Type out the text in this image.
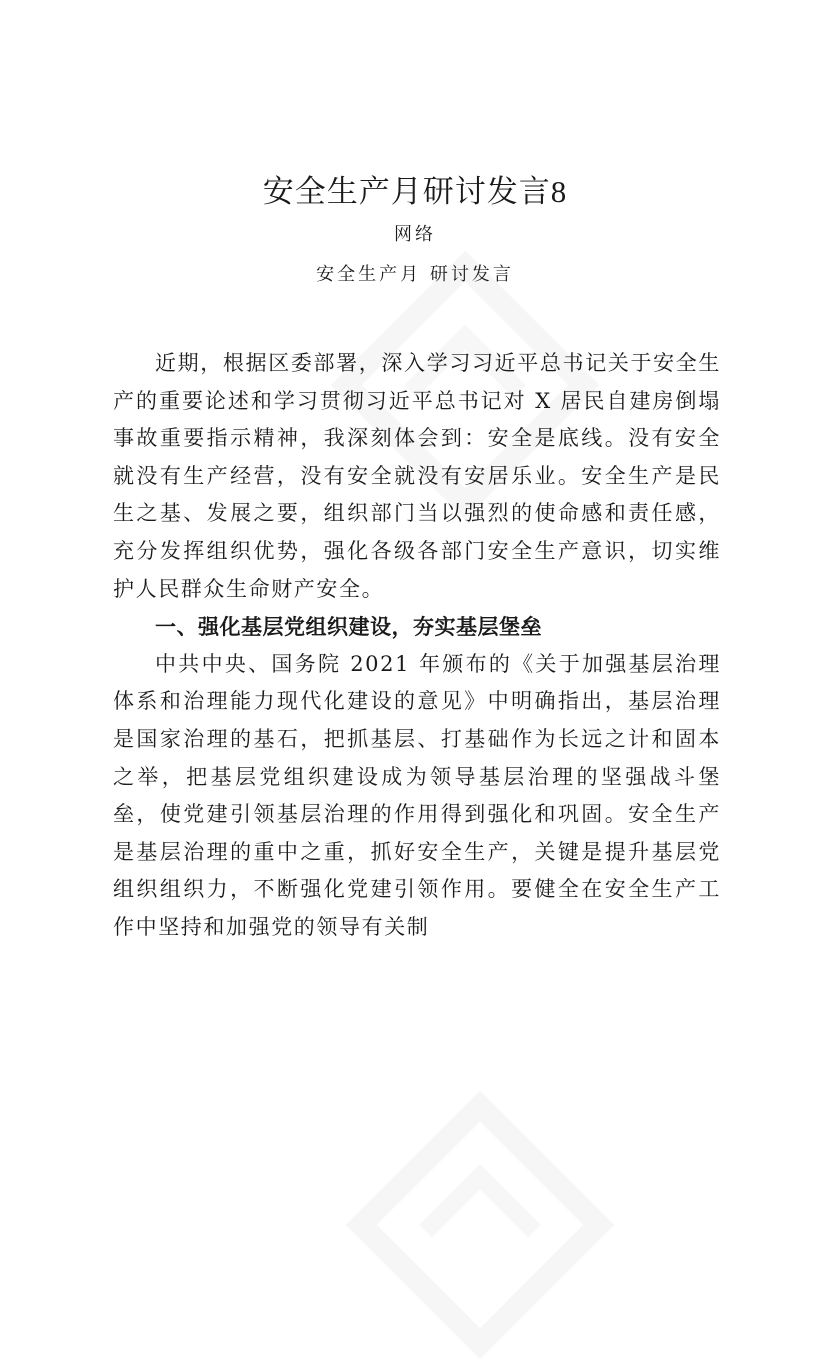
安全生产月研讨发言8
网络
安全生产月 研讨发言

近期，根据区委部署，深入学习习近平总书记关于安全生产的重要论述和学习贯彻习近平总书记对 X 居民自建房倒塌事故重要指示精神，我深刻体会到：安全是底线。没有安全就没有生产经营，没有安全就没有安居乐业。安全生产是民生之基、发展之要，组织部门当以强烈的使命感和责任感，充分发挥组织优势，强化各级各部门安全生产意识，切实维护人民群众生命财产安全。

一、强化基层党组织建设，夯实基层堡垒

中共中央、国务院 2021 年颁布的《关于加强基层治理体系和治理能力现代化建设的意见》中明确指出，基层治理是国家治理的基石，把抓基层、打基础作为长远之计和固本之举，把基层党组织建设成为领导基层治理的坚强战斗堡垒，使党建引领基层治理的作用得到强化和巩固。安全生产是基层治理的重中之重，抓好安全生产，关键是提升基层党组织组织力，不断强化党建引领作用。要健全在安全生产工作中坚持和加强党的领导有关制
